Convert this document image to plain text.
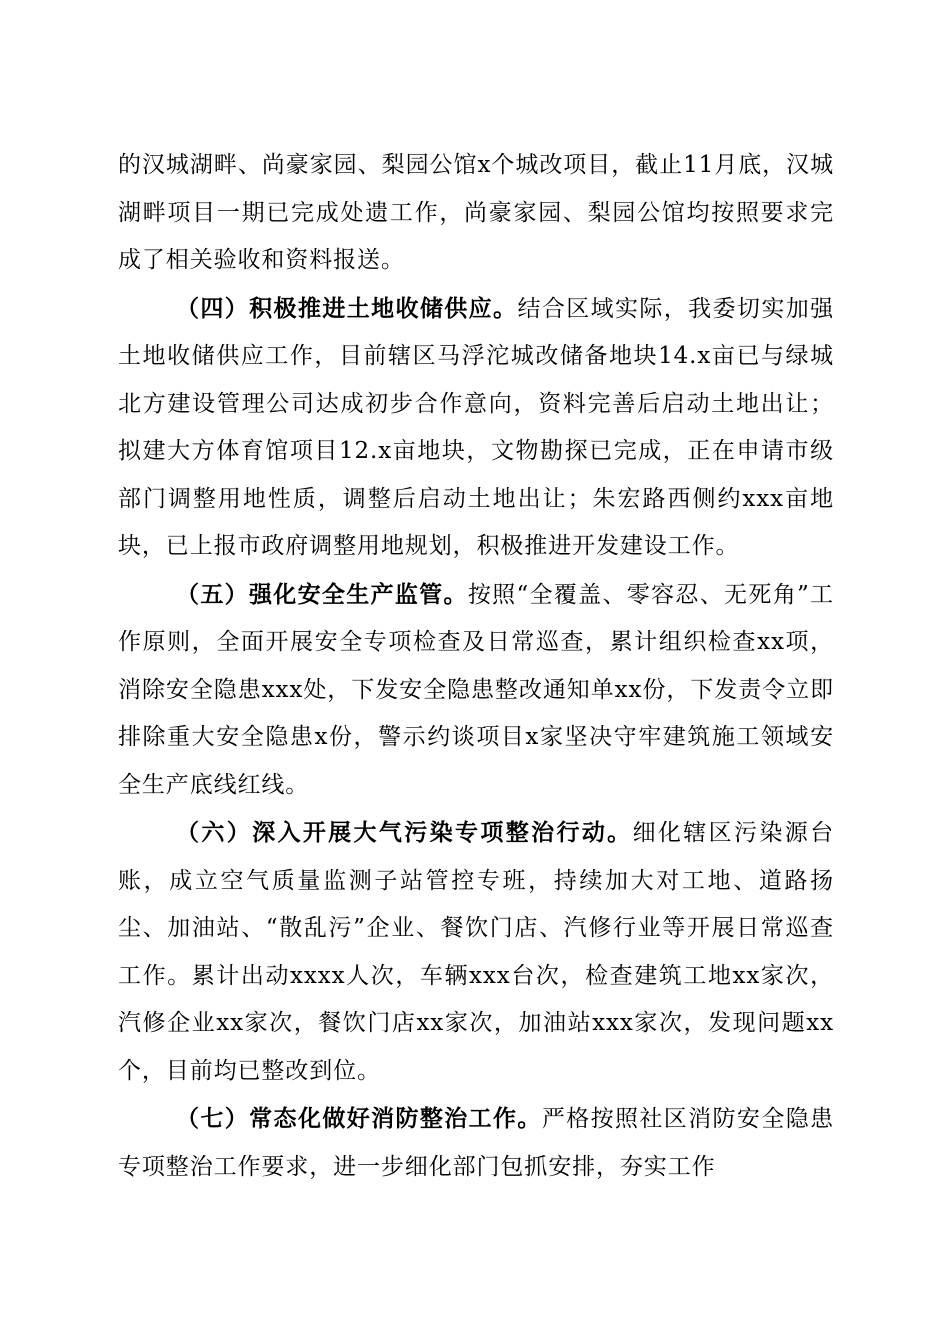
的汉城湖畔、尚豪家园、梨园公馆x个城改项目，截止11月底，汉城湖畔项目一期已完成处遗工作，尚豪家园、梨园公馆均按照要求完成了相关验收和资料报送。

（四）积极推进土地收储供应。结合区域实际，我委切实加强土地收储供应工作，目前辖区马浮沱城改储备地块14.x亩已与绿城北方建设管理公司达成初步合作意向，资料完善后启动土地出让；拟建大方体育馆项目12.x亩地块，文物勘探已完成，正在申请市级部门调整用地性质，调整后启动土地出让；朱宏路西侧约xxx亩地块，已上报市政府调整用地规划，积极推进开发建设工作。

（五）强化安全生产监管。按照“全覆盖、零容忍、无死角”工作原则，全面开展安全专项检查及日常巡查，累计组织检查xx项，消除安全隐患xxx处，下发安全隐患整改通知单xx份，下发责令立即排除重大安全隐患x份，警示约谈项目x家坚决守牢建筑施工领域安全生产底线红线。

（六）深入开展大气污染专项整治行动。细化辖区污染源台账，成立空气质量监测子站管控专班，持续加大对工地、道路扬尘、加油站、“散乱污”企业、餐饮门店、汽修行业等开展日常巡查工作。累计出动xxxx人次，车辆xxx台次，检查建筑工地xx家次，汽修企业xx家次，餐饮门店xx家次，加油站xxx家次，发现问题xx个，目前均已整改到位。

（七）常态化做好消防整治工作。严格按照社区消防安全隐患专项整治工作要求，进一步细化部门包抓安排，夯实工作
